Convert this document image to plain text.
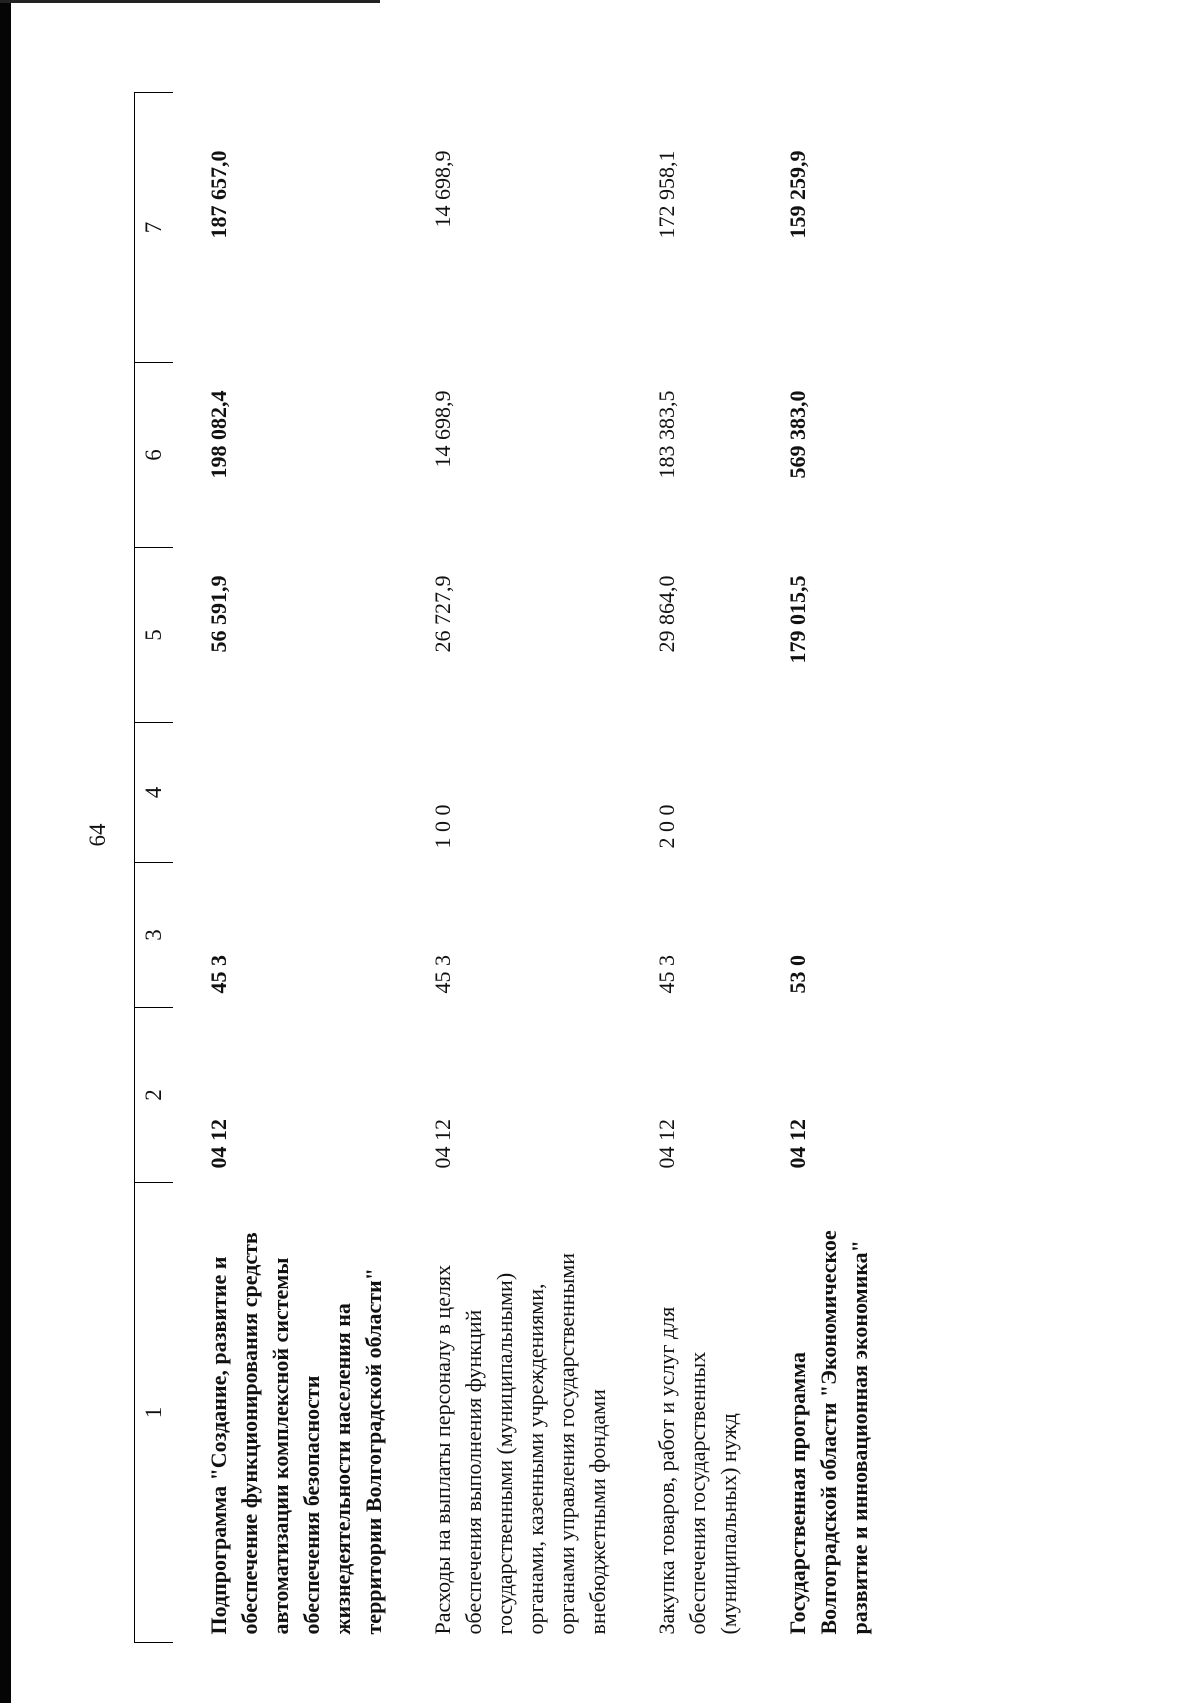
64
1	2	3	4	5	6	7
Подпрограмма "Создание, развитие и обеспечение функционирования средств автоматизации комплексной системы обеспечения безопасности жизнедеятельности населения на территории Волгоградской области"	04 12	45 3		56 591,9	198 082,4	187 657,0
Расходы на выплаты персоналу в целях обеспечения выполнения функций государственными (муниципальными) органами, казенными учреждениями, органами управления государственными внебюджетными фондами	04 12	45 3	1 0 0	26 727,9	14 698,9	14 698,9
Закупка товаров, работ и услуг для обеспечения государственных (муниципальных) нужд	04 12	45 3	2 0 0	29 864,0	183 383,5	172 958,1
Государственная программа Волгоградской области "Экономическое развитие и инновационная экономика"	04 12	53 0		179 015,5	569 383,0	159 259,9
